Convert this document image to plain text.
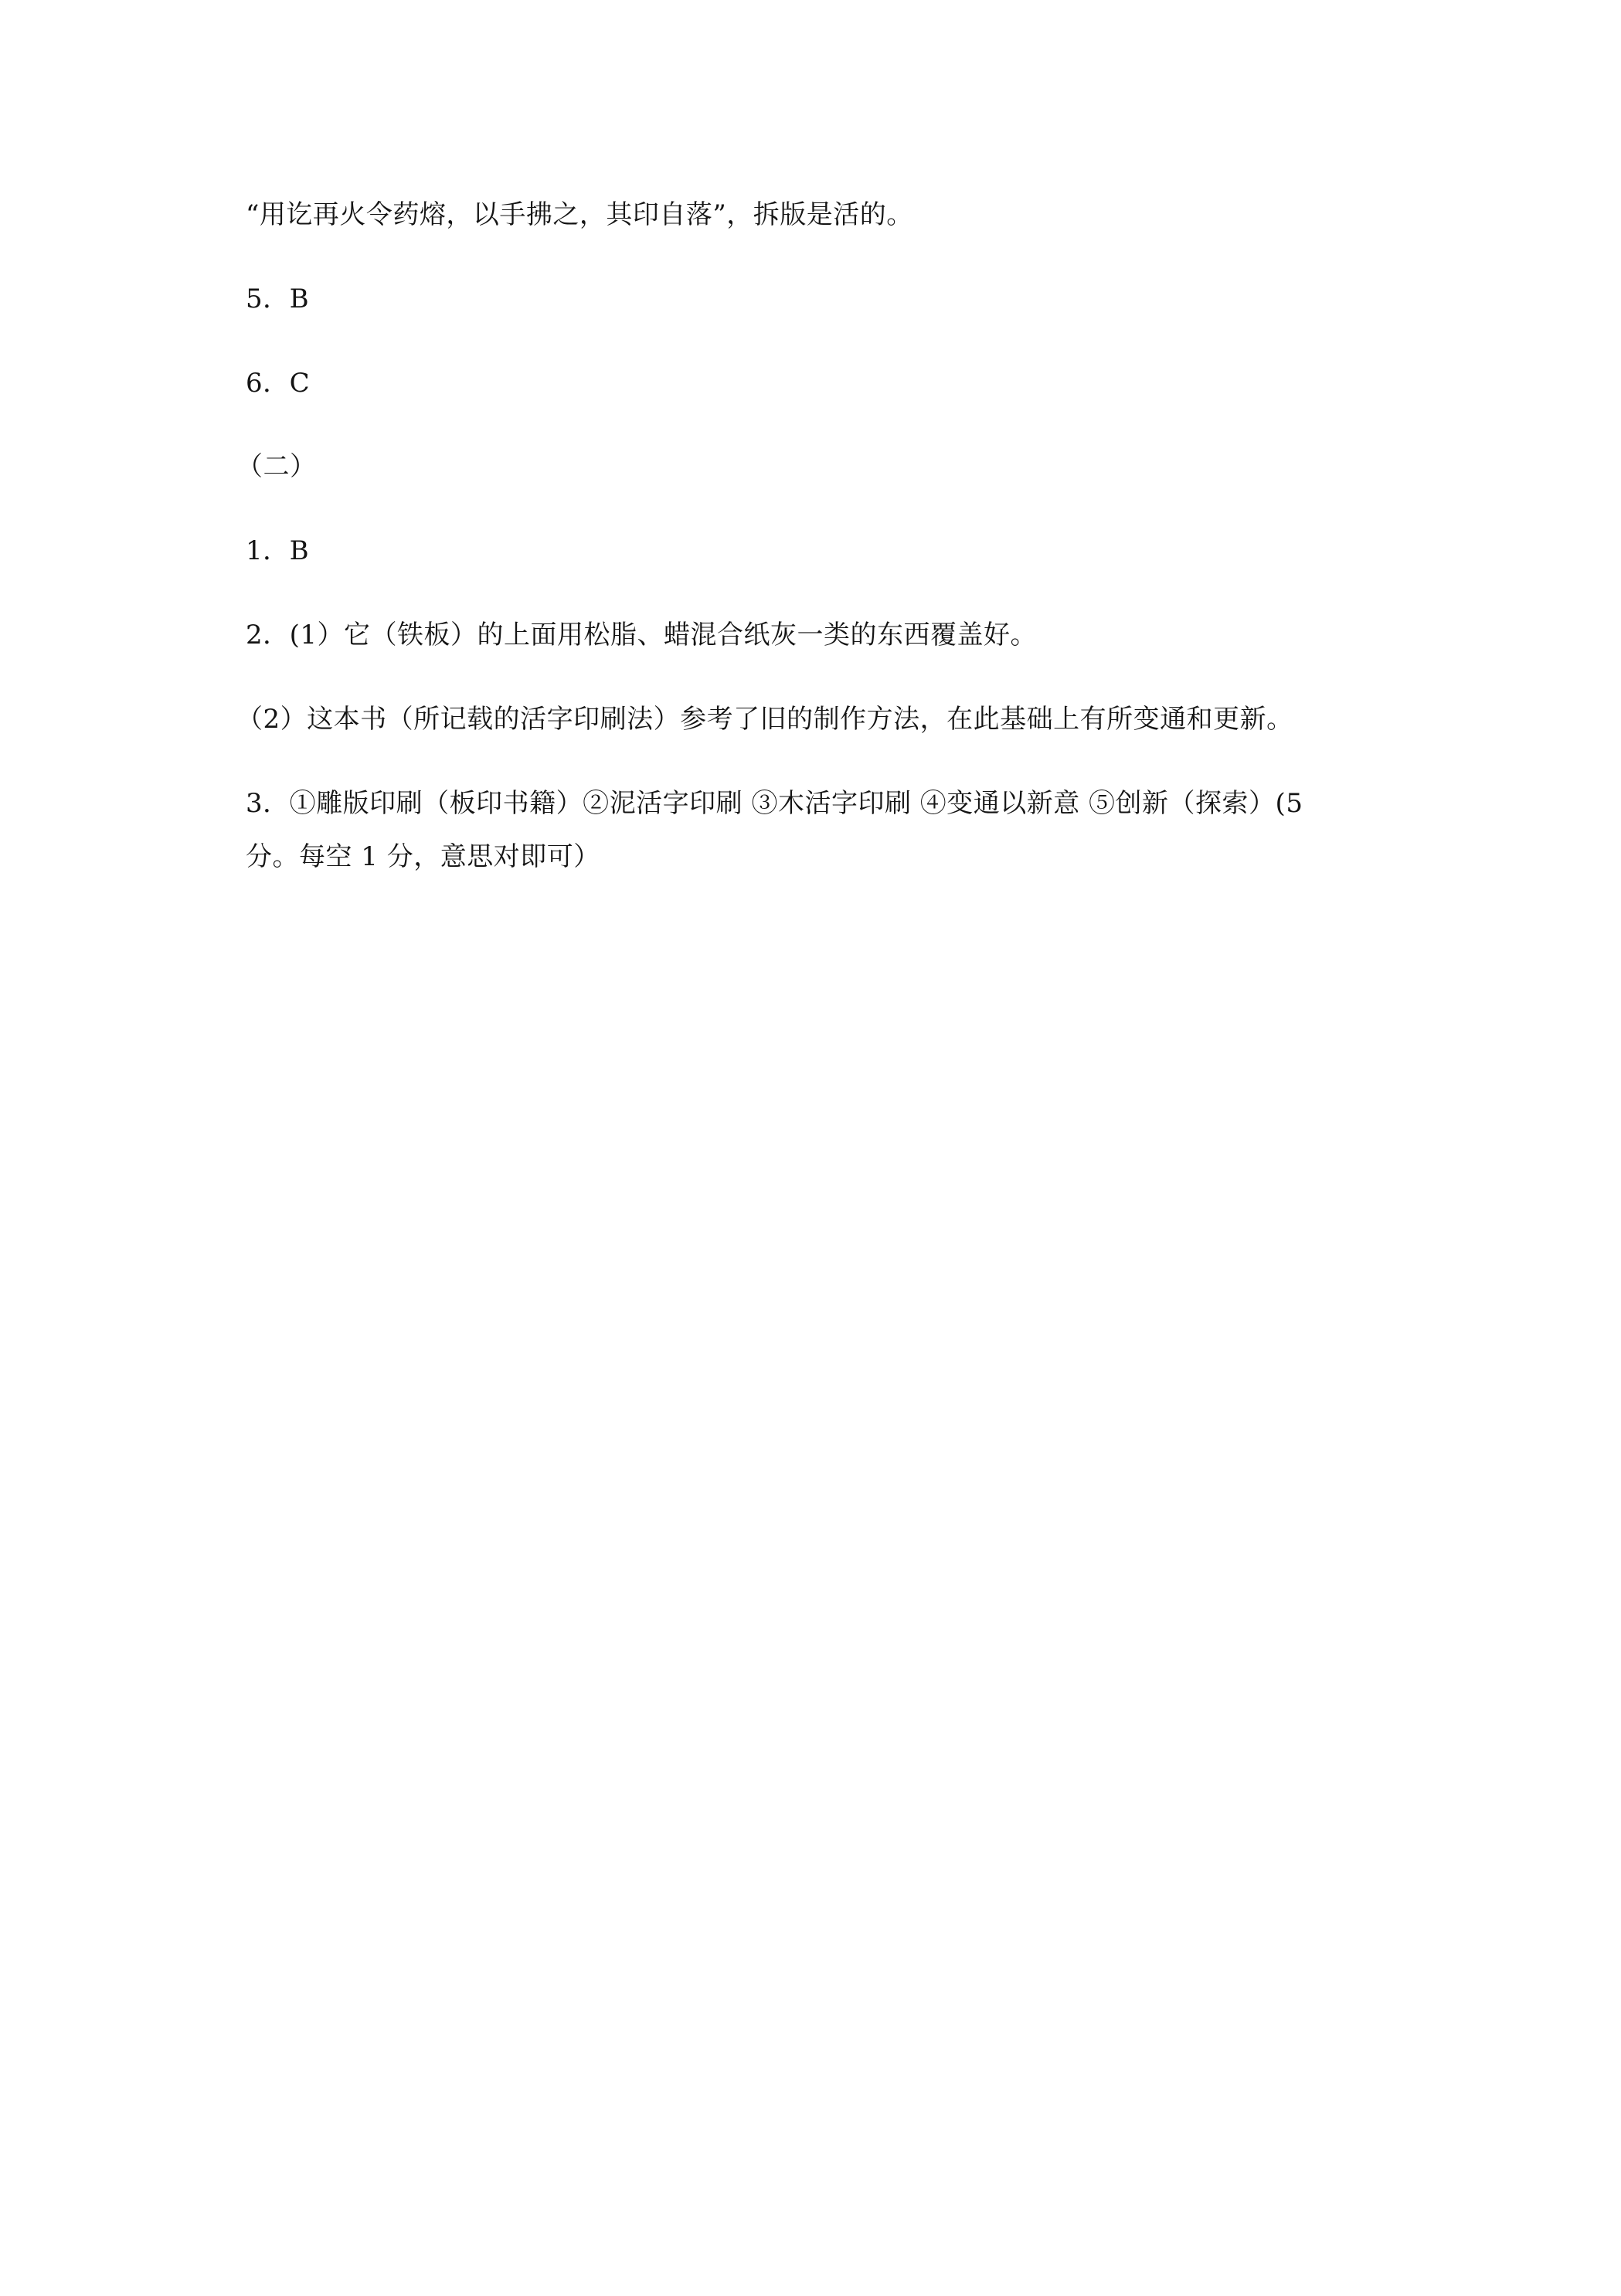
“用讫再火令药熔，以手拂之，其印自落”，拆版是活的。
5．B
6．C
（二）
1．B
2．(1）它（铁板）的上面用松脂、蜡混合纸灰一类的东西覆盖好。
（2）这本书（所记载的活字印刷法）参考了旧的制作方法，在此基础上有所变通和更新。
3．①雕版印刷（板印书籍）②泥活字印刷 ③木活字印刷 ④变通以新意 ⑤创新（探索）(5
分。每空 1 分，意思对即可）
